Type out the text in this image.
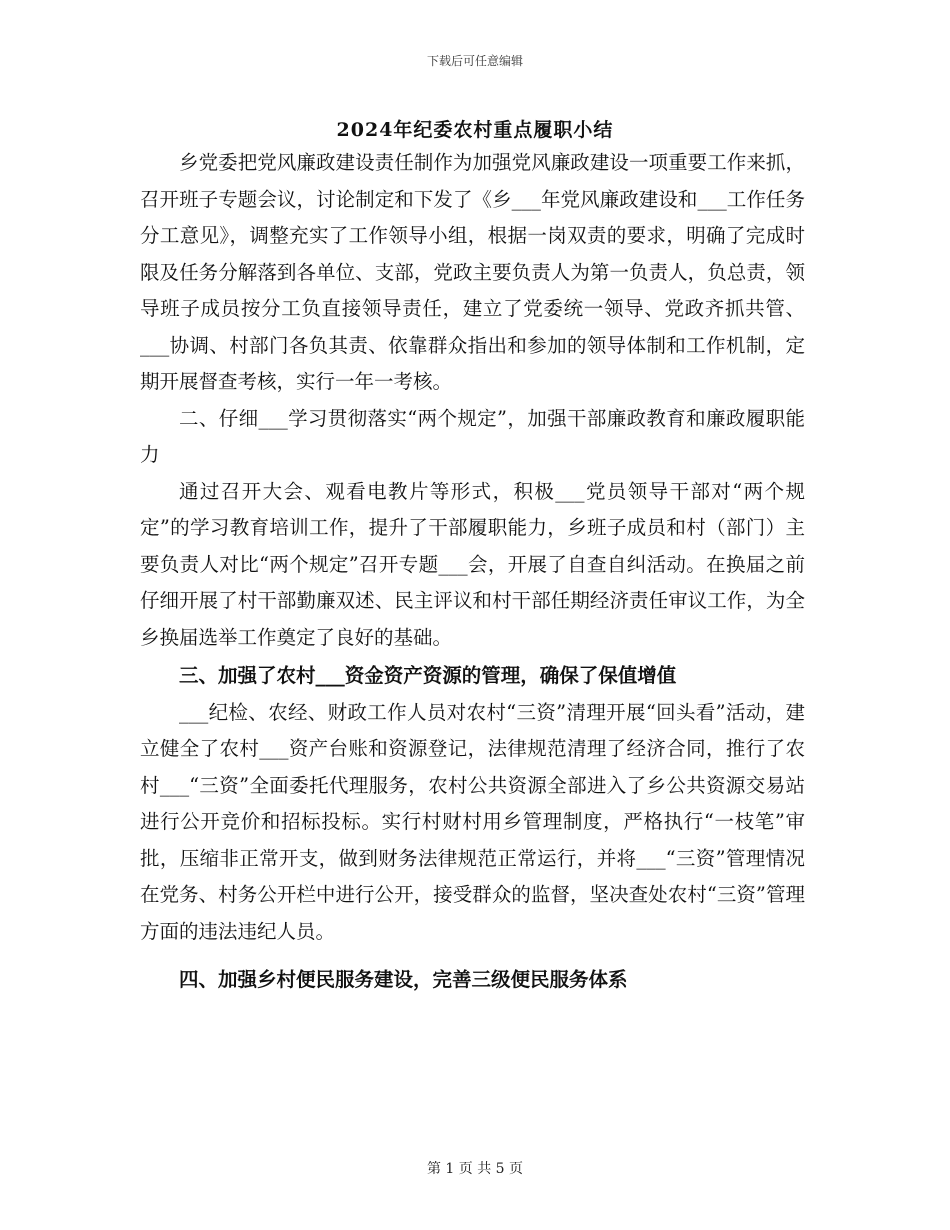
下载后可任意编辑
2024年纪委农村重点履职小结

乡党委把党风廉政建设责任制作为加强党风廉政建设一项重要工作来抓，召开班子专题会议，讨论制定和下发了《乡___年党风廉政建设和___工作任务分工意见》，调整充实了工作领导小组，根据一岗双责的要求，明确了完成时限及任务分解落到各单位、支部，党政主要负责人为第一负责人，负总责，领导班子成员按分工负直接领导责任，建立了党委统一领导、党政齐抓共管、___协调、村部门各负其责、依靠群众指出和参加的领导体制和工作机制，定期开展督查考核，实行一年一考核。

二、仔细___学习贯彻落实“两个规定”，加强干部廉政教育和廉政履职能力

通过召开大会、观看电教片等形式，积极___党员领导干部对“两个规定”的学习教育培训工作，提升了干部履职能力，乡班子成员和村（部门）主要负责人对比“两个规定”召开专题___会，开展了自查自纠活动。在换届之前仔细开展了村干部勤廉双述、民主评议和村干部任期经济责任审议工作，为全乡换届选举工作奠定了良好的基础。

三、加强了农村___资金资产资源的管理，确保了保值增值

___纪检、农经、财政工作人员对农村“三资”清理开展“回头看”活动，建立健全了农村___资产台账和资源登记，法律规范清理了经济合同，推行了农村___“三资”全面委托代理服务，农村公共资源全部进入了乡公共资源交易站进行公开竞价和招标投标。实行村财村用乡管理制度，严格执行“一枝笔”审批，压缩非正常开支，做到财务法律规范正常运行，并将___“三资”管理情况在党务、村务公开栏中进行公开，接受群众的监督，坚决查处农村“三资”管理方面的违法违纪人员。

四、加强乡村便民服务建设，完善三级便民服务体系

第 1 页 共 5 页
